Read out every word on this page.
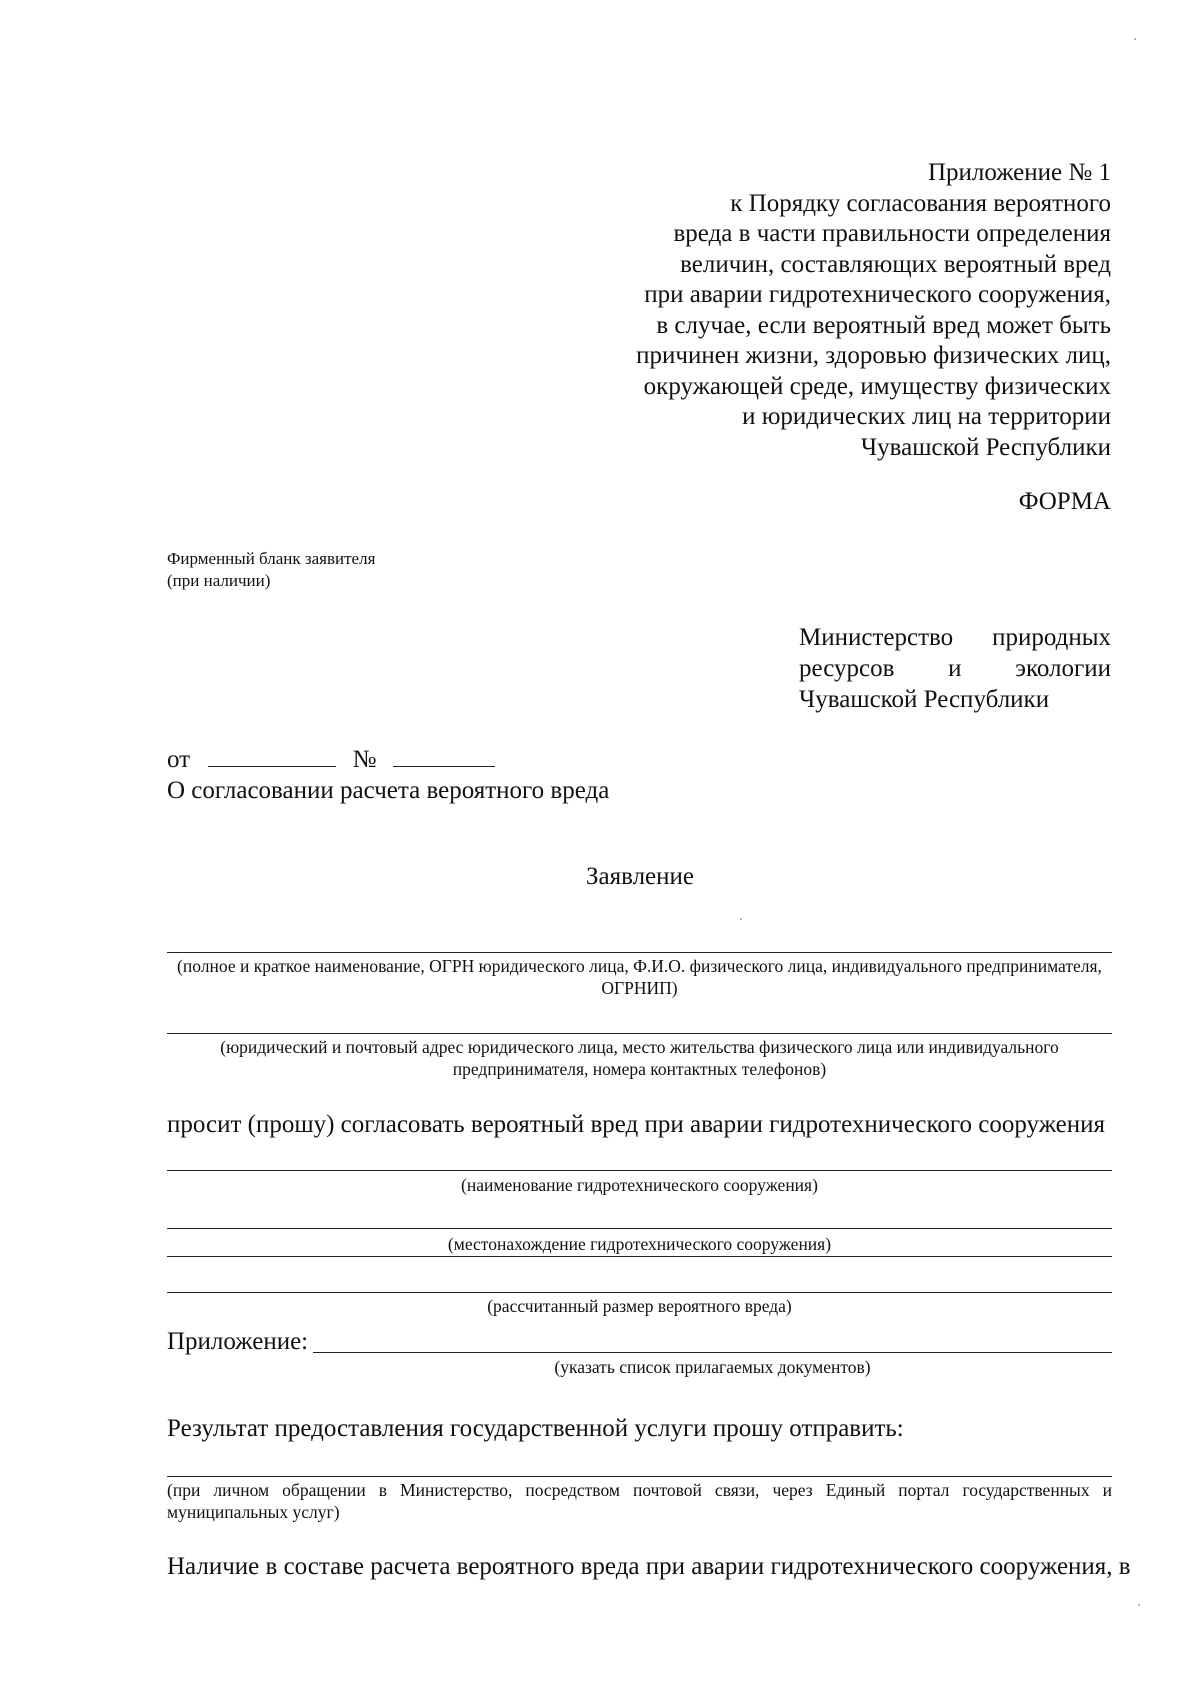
Приложение № 1
к Порядку согласования вероятного
вреда в части правильности определения
величин, составляющих вероятный вред
при аварии гидротехнического сооружения,
в случае, если вероятный вред может быть
причинен жизни, здоровью физических лиц,
окружающей среде, имуществу физических
и юридических лиц на территории
Чувашской Республики
ФОРМА
Фирменный бланк заявителя
(при наличии)
Министерство природных
ресурсов и экологии
Чувашской Республики
от	№
О согласовании расчета вероятного вреда
Заявление
(полное и краткое наименование, ОГРН юридического лица, Ф.И.О. физического лица, индивидуального предпринимателя, ОГРНИП)
(юридический и почтовый адрес юридического лица, место жительства физического лица или индивидуального предпринимателя, номера контактных телефонов)
просит (прошу) согласовать вероятный вред при аварии гидротехнического сооружения
(наименование гидротехнического сооружения)
(местонахождение гидротехнического сооружения)
(рассчитанный размер вероятного вреда)
Приложение:
(указать список прилагаемых документов)
Результат предоставления государственной услуги прошу отправить:
(при личном обращении в Министерство, посредством почтовой связи, через Единый портал государственных и муниципальных услуг)
Наличие в составе расчета вероятного вреда при аварии гидротехнического сооружения, в
